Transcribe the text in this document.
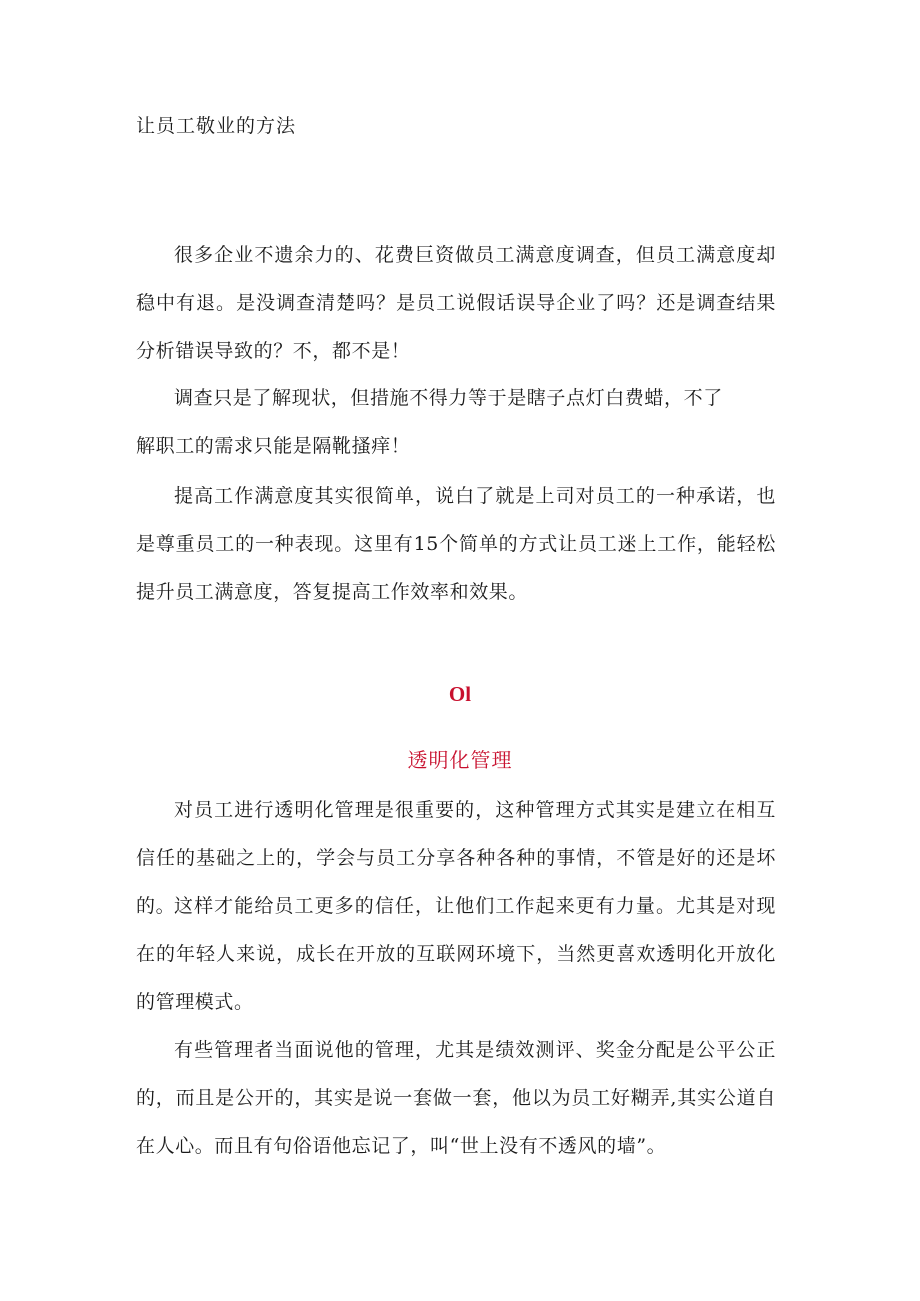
让员工敬业的方法

很多企业不遗余力的、花费巨资做员工满意度调查，但员工满意度却稳中有退。是没调查清楚吗？是员工说假话误导企业了吗？还是调查结果分析错误导致的？不，都不是！

调查只是了解现状，但措施不得力等于是瞎子点灯白费蜡，不了
解职工的需求只能是隔靴搔痒！

提高工作满意度其实很简单，说白了就是上司对员工的一种承诺，也是尊重员工的一种表现。这里有15个简单的方式让员工迷上工作，能轻松提升员工满意度，答复提高工作效率和效果。

Ol
透明化管理

对员工进行透明化管理是很重要的，这种管理方式其实是建立在相互信任的基础之上的，学会与员工分享各种各种的事情，不管是好的还是坏的。

这样才能给员工更多的信任，让他们工作起来更有力量。尤其是对现在的年轻人来说，成长在开放的互联网环境下，当然更喜欢透明化开放化的管理模式。

有些管理者当面说他的管理，尤其是绩效测评、奖金分配是公平公正的，而且是公开的，其实是说一套做一套，他以为员工好糊弄,其实公道自在人心。而且有句俗语他忘记了，叫“世上没有不透风的墙”。
